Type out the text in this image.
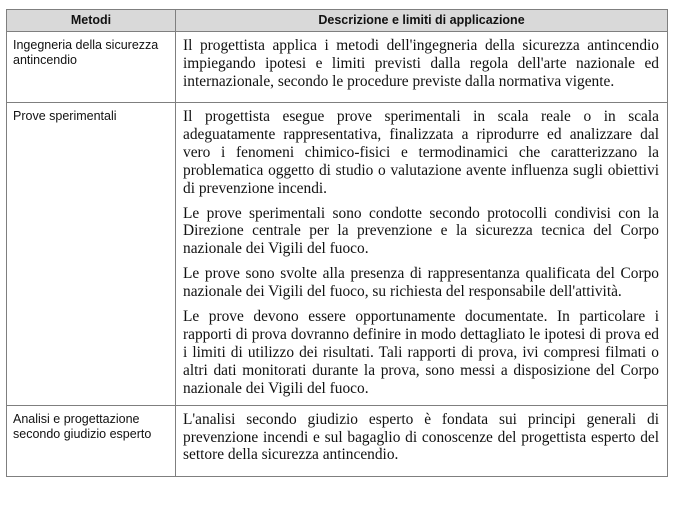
Metodi	Descrizione e limiti di applicazione
Ingegneria della sicurezza antincendio	Il progettista applica i metodi dell'ingegneria della sicurezza antincendio impiegando ipotesi e limiti previsti dalla regola dell'arte nazionale ed internazionale, secondo le procedure previste dalla normativa vigente.

Prove sperimentali	Il progettista esegue prove sperimentali in scala reale o in scala adeguatamente rappresentativa, finalizzata a riprodurre ed analizzare dal vero i fenomeni chimico-fisici e termodinamici che caratterizzano la problematica oggetto di studio o valutazione avente influenza sugli obiettivi di prevenzione incendi.

Le prove sperimentali sono condotte secondo protocolli condivisi con la Direzione centrale per la prevenzione e la sicurezza tecnica del Corpo nazionale dei Vigili del fuoco.

Le prove sono svolte alla presenza di rappresentanza qualificata del Corpo nazionale dei Vigili del fuoco, su richiesta del responsabile dell'attività.

Le prove devono essere opportunamente documentate. In particolare i rapporti di prova dovranno definire in modo dettagliato le ipotesi di prova ed i limiti di utilizzo dei risultati. Tali rapporti di prova, ivi compresi filmati o altri dati monitorati durante la prova, sono messi a disposizione del Corpo nazionale dei Vigili del fuoco.

Analisi e progettazione secondo giudizio esperto	L'analisi secondo giudizio esperto è fondata sui principi generali di prevenzione incendi e sul bagaglio di conoscenze del progettista esperto del settore della sicurezza antincendio.
